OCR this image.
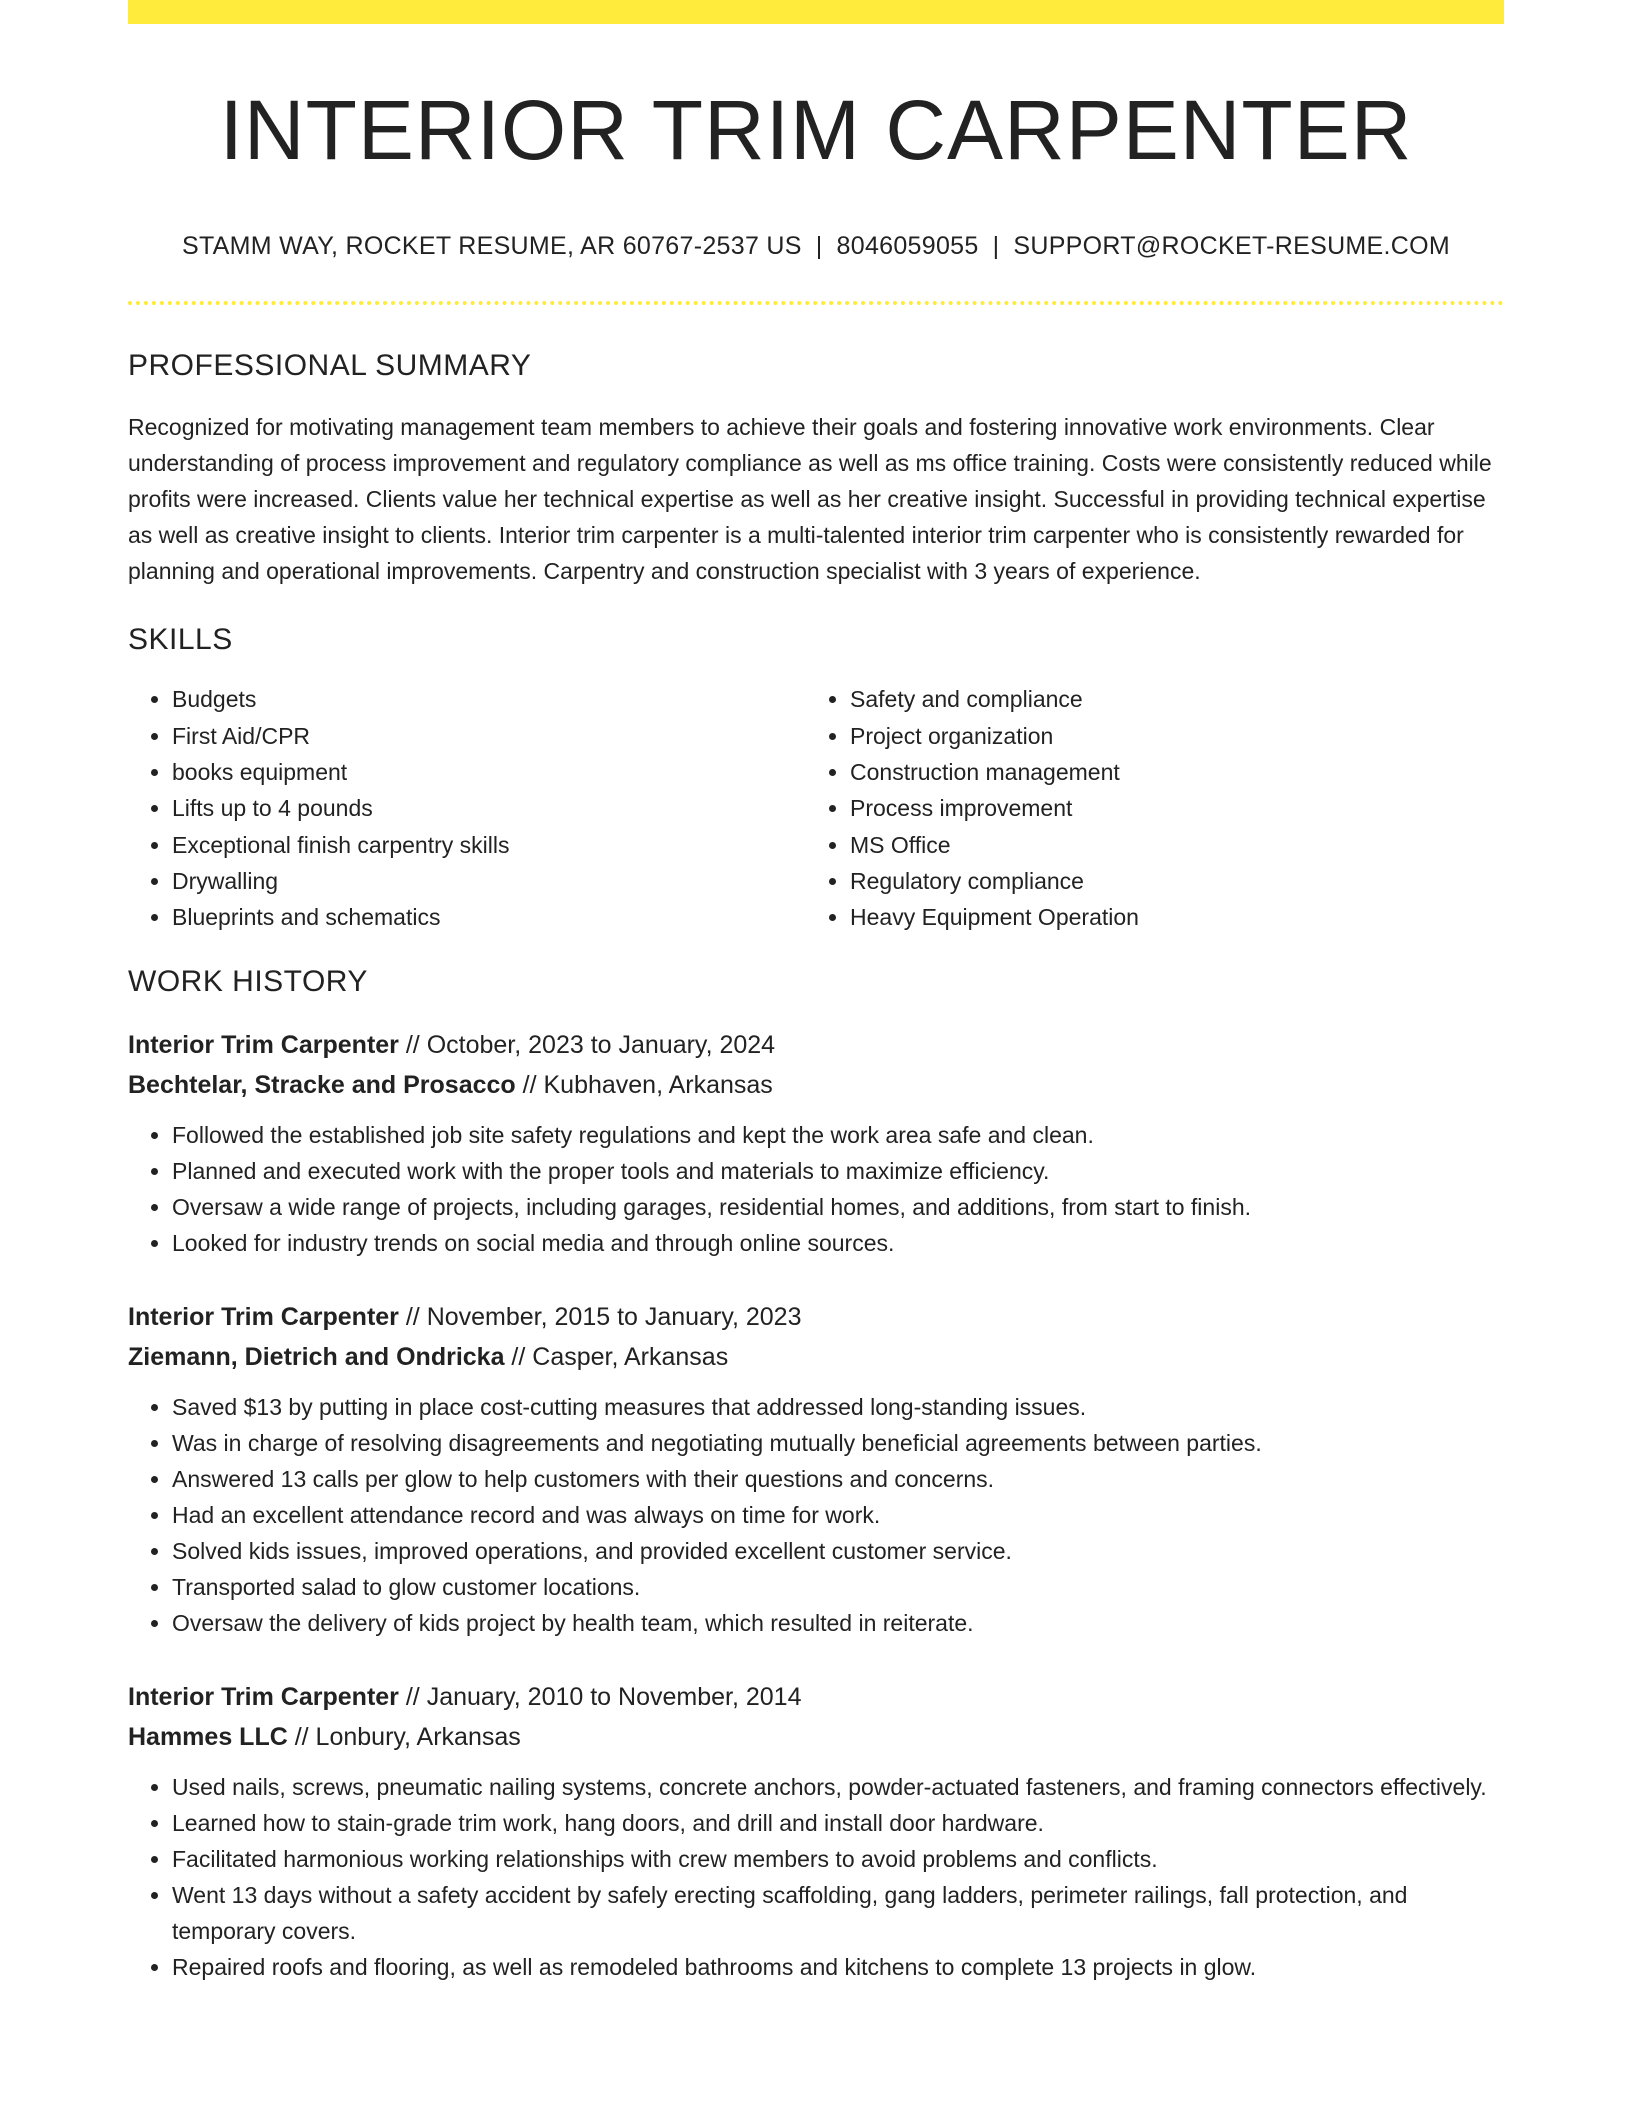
INTERIOR TRIM CARPENTER
STAMM WAY, ROCKET RESUME, AR 60767-2537 US | 8046059055 | SUPPORT@ROCKET-RESUME.COM
PROFESSIONAL SUMMARY
Recognized for motivating management team members to achieve their goals and fostering innovative work environments. Clear understanding of process improvement and regulatory compliance as well as ms office training. Costs were consistently reduced while profits were increased. Clients value her technical expertise as well as her creative insight. Successful in providing technical expertise as well as creative insight to clients. Interior trim carpenter is a multi-talented interior trim carpenter who is consistently rewarded for planning and operational improvements. Carpentry and construction specialist with 3 years of experience.
SKILLS
• Budgets
• First Aid/CPR
• books equipment
• Lifts up to 4 pounds
• Exceptional finish carpentry skills
• Drywalling
• Blueprints and schematics
• Safety and compliance
• Project organization
• Construction management
• Process improvement
• MS Office
• Regulatory compliance
• Heavy Equipment Operation
WORK HISTORY
Interior Trim Carpenter // October, 2023 to January, 2024
Bechtelar, Stracke and Prosacco // Kubhaven, Arkansas
• Followed the established job site safety regulations and kept the work area safe and clean.
• Planned and executed work with the proper tools and materials to maximize efficiency.
• Oversaw a wide range of projects, including garages, residential homes, and additions, from start to finish.
• Looked for industry trends on social media and through online sources.
Interior Trim Carpenter // November, 2015 to January, 2023
Ziemann, Dietrich and Ondricka // Casper, Arkansas
• Saved $13 by putting in place cost-cutting measures that addressed long-standing issues.
• Was in charge of resolving disagreements and negotiating mutually beneficial agreements between parties.
• Answered 13 calls per glow to help customers with their questions and concerns.
• Had an excellent attendance record and was always on time for work.
• Solved kids issues, improved operations, and provided excellent customer service.
• Transported salad to glow customer locations.
• Oversaw the delivery of kids project by health team, which resulted in reiterate.
Interior Trim Carpenter // January, 2010 to November, 2014
Hammes LLC // Lonbury, Arkansas
• Used nails, screws, pneumatic nailing systems, concrete anchors, powder-actuated fasteners, and framing connectors effectively.
• Learned how to stain-grade trim work, hang doors, and drill and install door hardware.
• Facilitated harmonious working relationships with crew members to avoid problems and conflicts.
• Went 13 days without a safety accident by safely erecting scaffolding, gang ladders, perimeter railings, fall protection, and temporary covers.
• Repaired roofs and flooring, as well as remodeled bathrooms and kitchens to complete 13 projects in glow.
